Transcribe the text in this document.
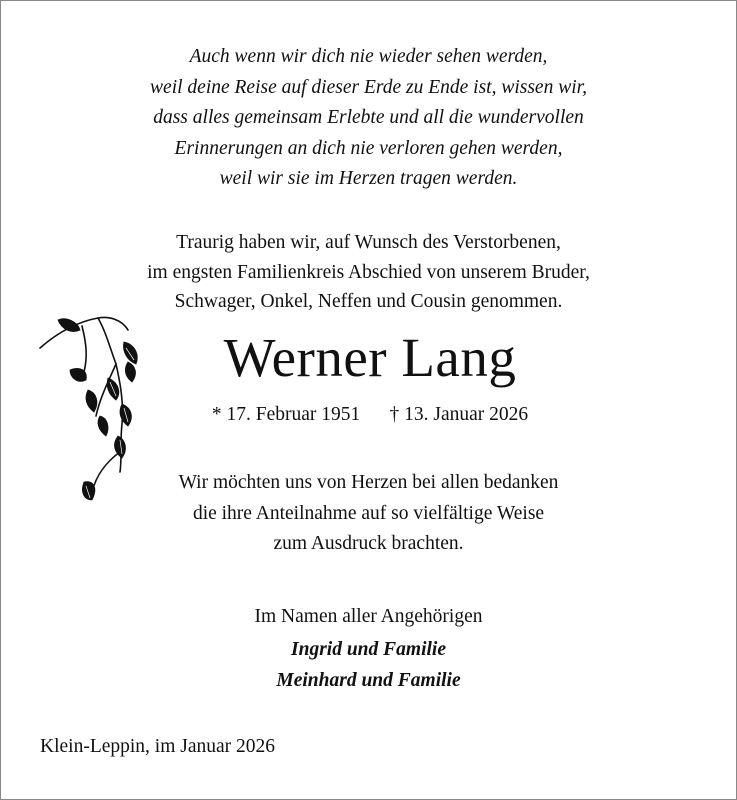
Auch wenn wir dich nie wieder sehen werden,
weil deine Reise auf dieser Erde zu Ende ist, wissen wir,
dass alles gemeinsam Erlebte und all die wundervollen
Erinnerungen an dich nie verloren gehen werden,
weil wir sie im Herzen tragen werden.
Traurig haben wir, auf Wunsch des Verstorbenen,
im engsten Familienkreis Abschied von unserem Bruder,
Schwager, Onkel, Neffen und Cousin genommen.
Werner Lang
* 17. Februar 1951 † 13. Januar 2026
Wir möchten uns von Herzen bei allen bedanken
die ihre Anteilnahme auf so vielfältige Weise
zum Ausdruck brachten.
Im Namen aller Angehörigen
Ingrid und Familie
Meinhard und Familie
Klein-Leppin, im Januar 2026
